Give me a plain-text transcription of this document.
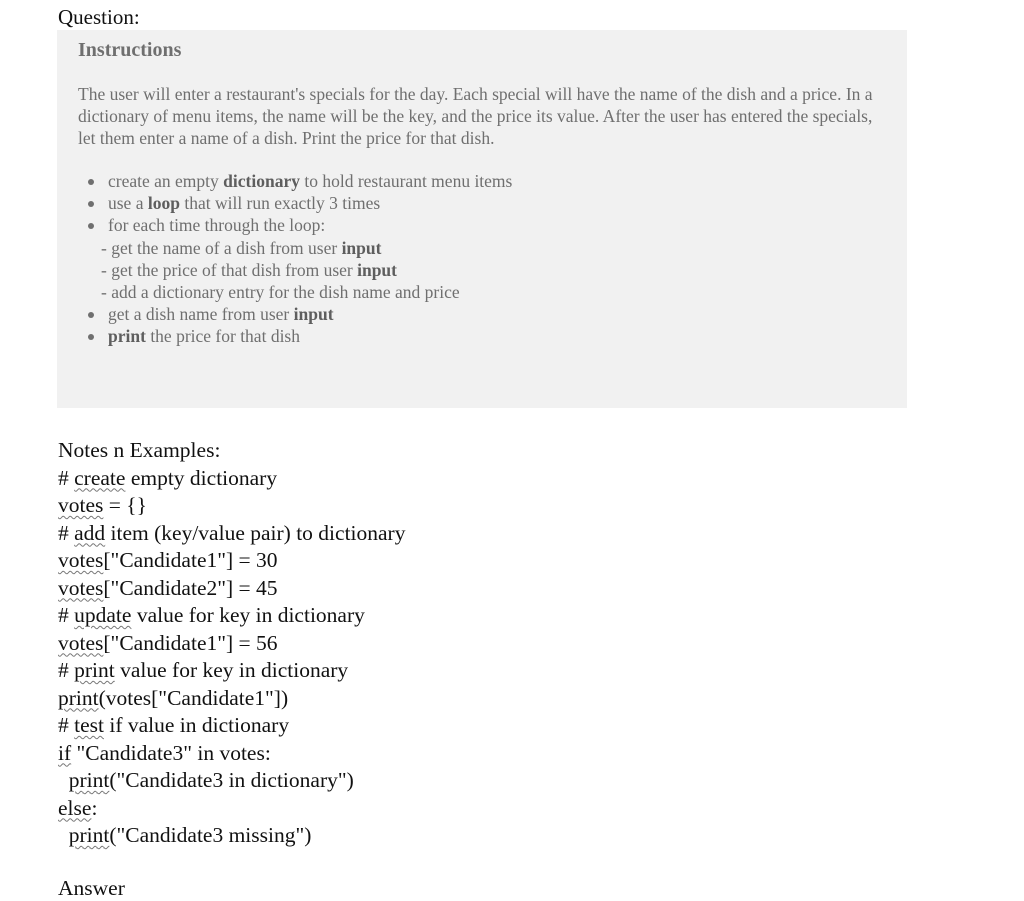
Question:
Instructions
The user will enter a restaurant's specials for the day. Each special will have the name of the dish and a price. In a dictionary of menu items, the name will be the key, and the price its value. After the user has entered the specials, let them enter a name of a dish. Print the price for that dish.
create an empty dictionary to hold restaurant menu items
use a loop that will run exactly 3 times
for each time through the loop:
- get the name of a dish from user input
- get the price of that dish from user input
- add a dictionary entry for the dish name and price
get a dish name from user input
print the price for that dish
Notes n Examples:
# create empty dictionary
votes = {}
# add item (key/value pair) to dictionary
votes["Candidate1"] = 30
votes["Candidate2"] = 45
# update value for key in dictionary
votes["Candidate1"] = 56
# print value for key in dictionary
print(votes["Candidate1"])
# test if value in dictionary
if "Candidate3" in votes:
print("Candidate3 in dictionary")
else:
print("Candidate3 missing")
Answer
